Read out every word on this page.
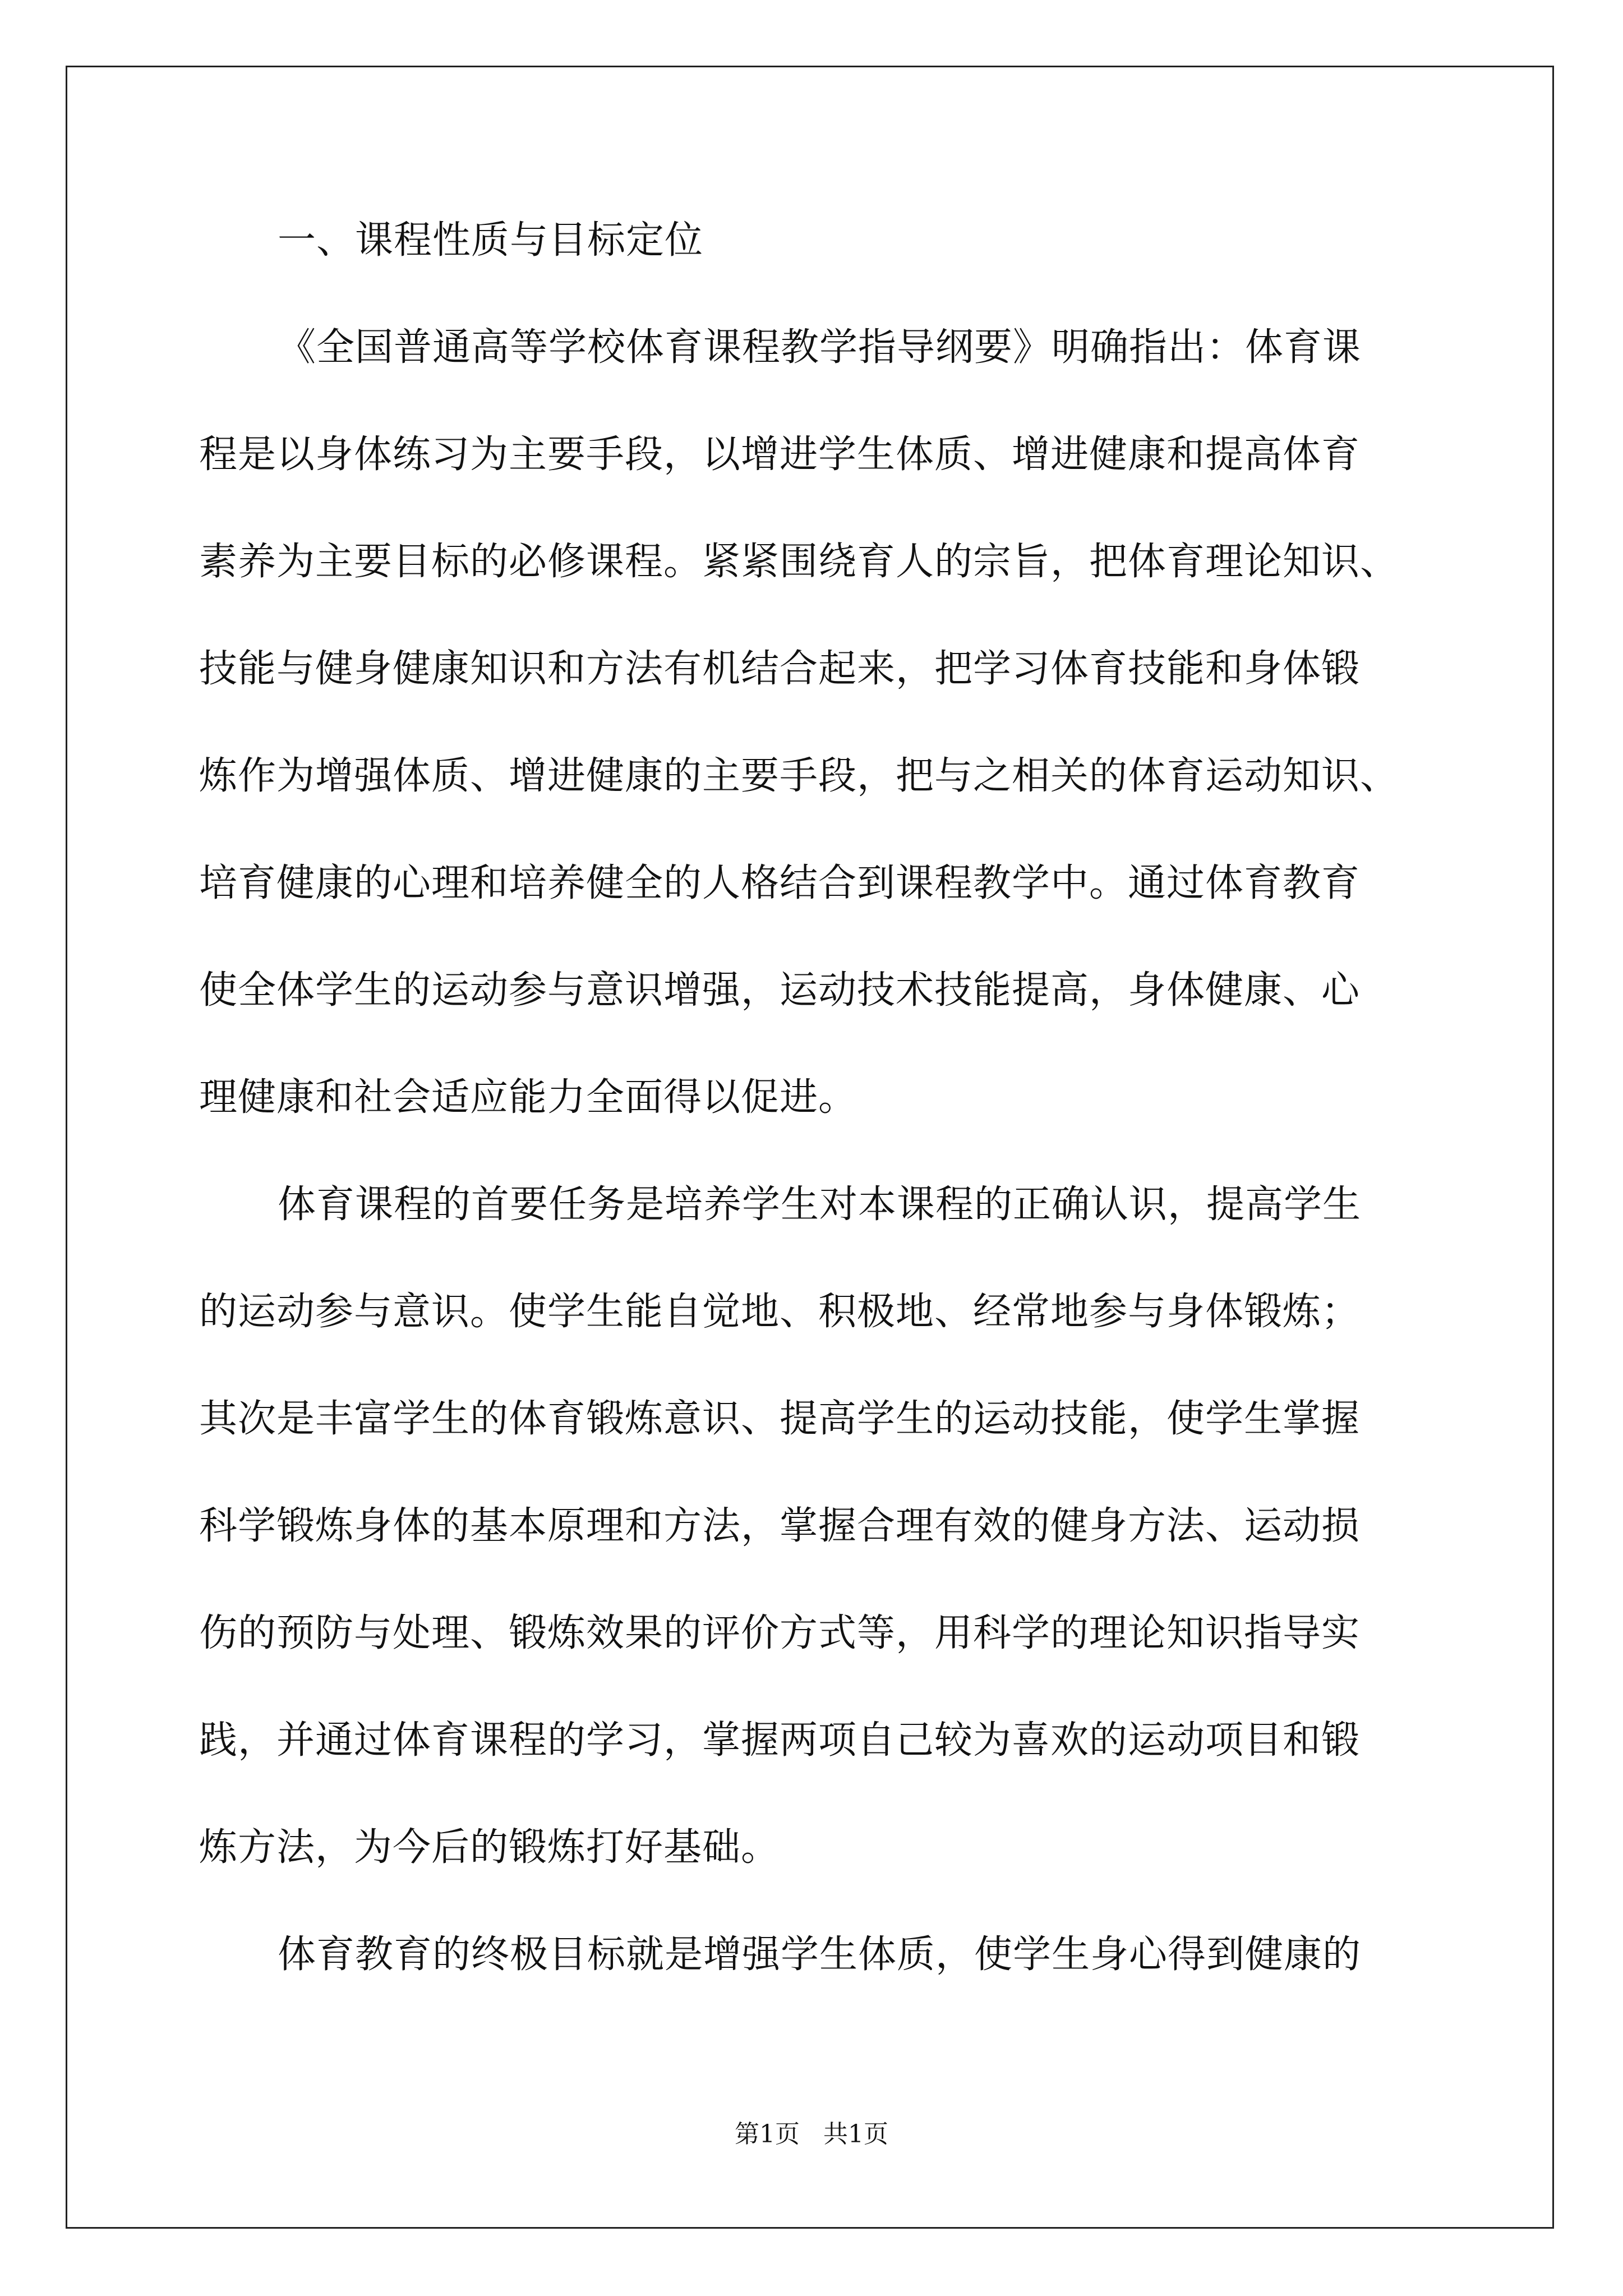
一、课程性质与目标定位
《全国普通高等学校体育课程教学指导纲要》明确指出：体育课
程是以身体练习为主要手段，以增进学生体质、增进健康和提高体育
素养为主要目标的必修课程。紧紧围绕育人的宗旨，把体育理论知识、
技能与健身健康知识和方法有机结合起来，把学习体育技能和身体锻
炼作为增强体质、增进健康的主要手段，把与之相关的体育运动知识、
培育健康的心理和培养健全的人格结合到课程教学中。通过体育教育
使全体学生的运动参与意识增强，运动技术技能提高，身体健康、心
理健康和社会适应能力全面得以促进。
体育课程的首要任务是培养学生对本课程的正确认识，提高学生
的运动参与意识。使学生能自觉地、积极地、经常地参与身体锻炼；
其次是丰富学生的体育锻炼意识、提高学生的运动技能，使学生掌握
科学锻炼身体的基本原理和方法，掌握合理有效的健身方法、运动损
伤的预防与处理、锻炼效果的评价方式等，用科学的理论知识指导实
践，并通过体育课程的学习，掌握两项自己较为喜欢的运动项目和锻
炼方法，为今后的锻炼打好基础。
体育教育的终极目标就是增强学生体质，使学生身心得到健康的
第1页   共1页
